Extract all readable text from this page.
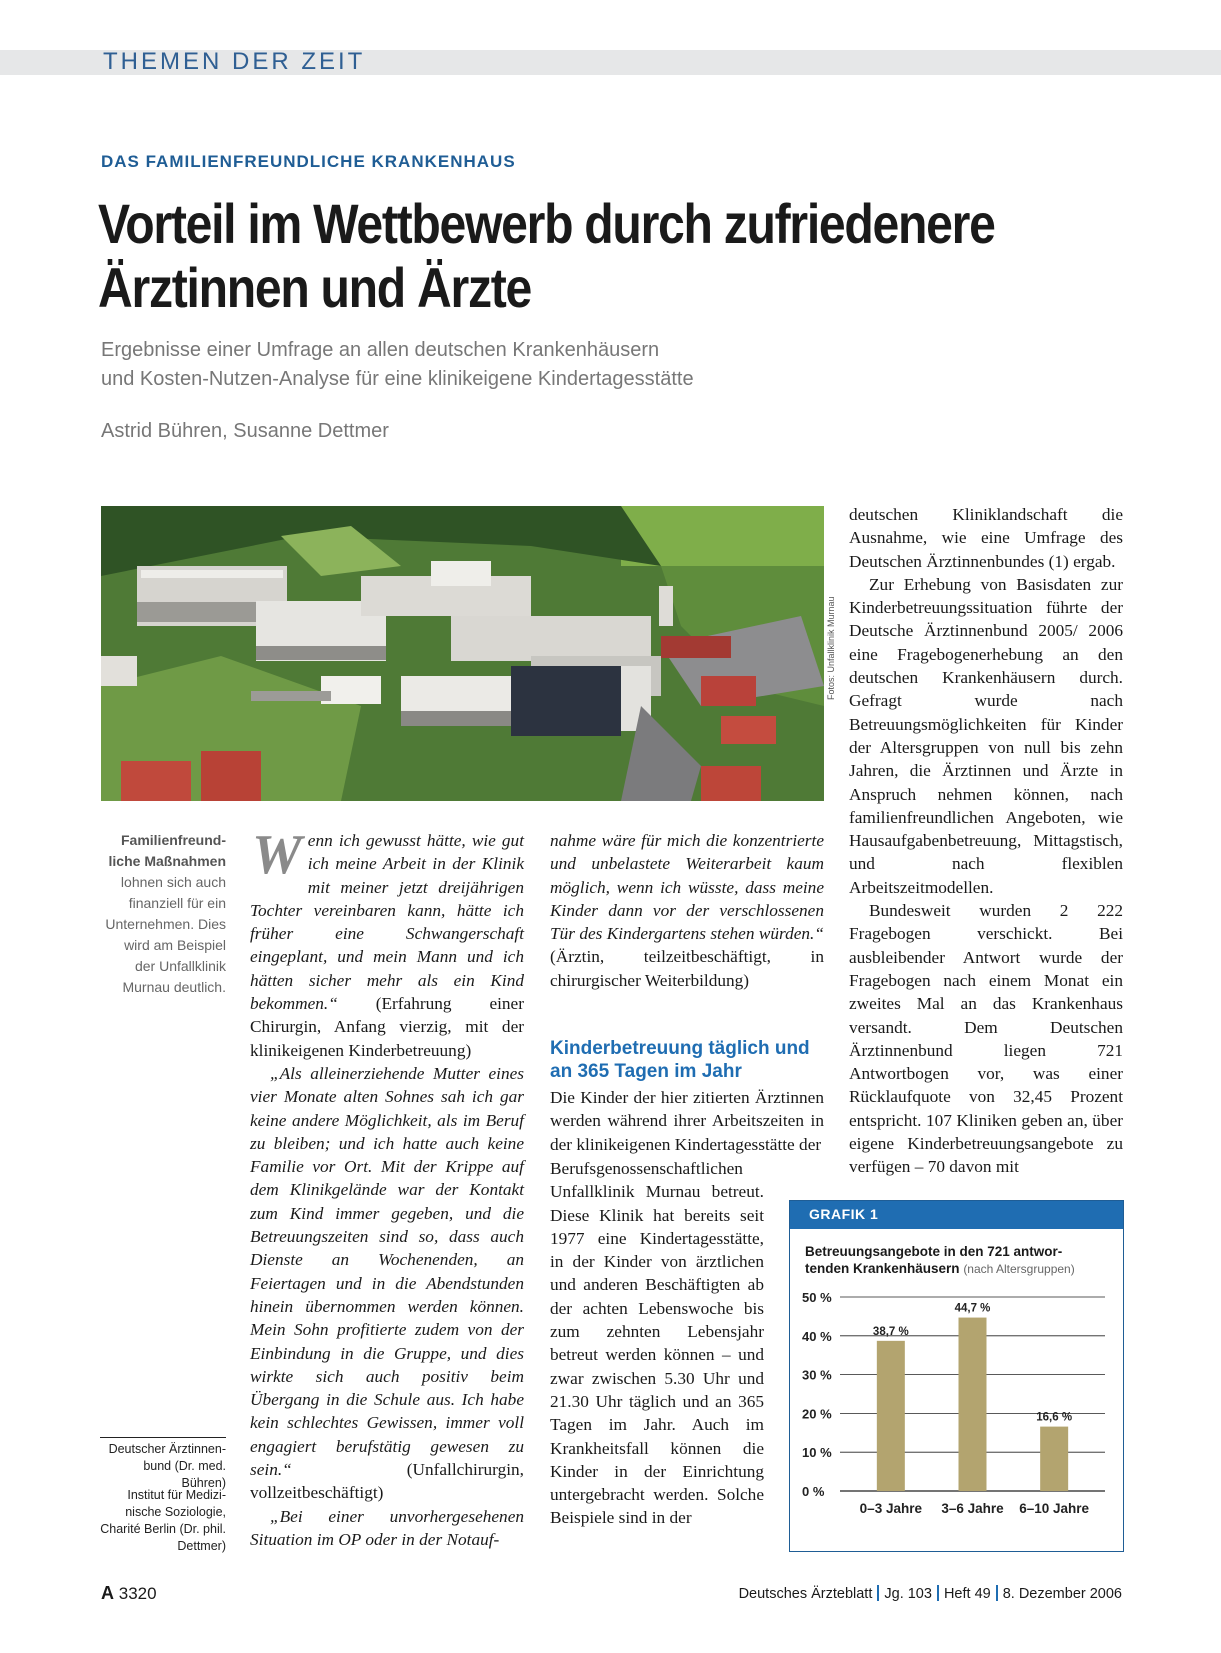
THEMEN DER ZEIT
DAS FAMILIENFREUNDLICHE KRANKENHAUS
Vorteil im Wettbewerb durch zufriedenere
Ärztinnen und Ärzte
Ergebnisse einer Umfrage an allen deutschen Krankenhäusern
und Kosten-Nutzen-Analyse für eine klinikeigene Kindertagesstätte
Astrid Bühren, Susanne Dettmer
Fotos: Unfallklinik Murnau
Familienfreund- liche Maßnahmen lohnen sich auch finanziell für ein Unternehmen. Dies wird am Beispiel der Unfallklinik Murnau deutlich.
Deutscher Ärztinnen- bund (Dr. med. Bühren)
Institut für Medizi- nische Soziologie, Charité Berlin (Dr. phil. Dettmer)

Wenn ich gewusst hätte, wie gut ich meine Arbeit in der Klinik mit meiner jetzt dreijährigen Tochter vereinbaren kann, hätte ich früher eine Schwangerschaft eingeplant, und mein Mann und ich hätten sicher mehr als ein Kind bekommen.“ (Erfahrung einer Chirurgin, Anfang vierzig, mit der klinikeigenen Kinderbetreuung)

„Als alleinerziehende Mutter eines vier Monate alten Sohnes sah ich gar keine andere Möglichkeit, als im Beruf zu bleiben; und ich hatte auch keine Familie vor Ort. Mit der Krippe auf dem Klinikgelände war der Kontakt zum Kind immer gegeben, und die Betreuungszeiten sind so, dass auch Dienste an Wochenenden, an Feiertagen und in die Abendstunden hinein übernommen werden können. Mein Sohn profitierte zudem von der Einbindung in die Gruppe, und dies wirkte sich auch positiv beim Übergang in die Schule aus. Ich habe kein schlechtes Gewissen, immer voll engagiert berufstätig gewesen zu sein.“ (Unfallchirurgin, vollzeitbeschäftigt)

„Bei einer unvorhergesehenen Situation im OP oder in der Notauf-

nahme wäre für mich die konzentrierte und unbelastete Weiterarbeit kaum möglich, wenn ich wüsste, dass meine Kinder dann vor der verschlossenen Tür des Kindergartens stehen würden.“ (Ärztin, teilzeitbeschäftigt, in chirurgischer Weiterbildung)

Kinderbetreuung täglich und an 365 Tagen im Jahr

Die Kinder der hier zitierten Ärztinnen werden während ihrer Arbeitszeiten in der klinikeigenen Kindertagesstätte der

Berufsgenossenschaftlichen Unfallklinik Murnau betreut. Diese Klinik hat bereits seit 1977 eine Kindertagesstätte, in der Kinder von ärztlichen und anderen Beschäftigten ab der achten Lebenswoche bis zum zehnten Lebensjahr betreut werden können – und zwar zwischen 5.30 Uhr und 21.30 Uhr täglich und an 365 Tagen im Jahr. Auch im Krankheitsfall können die Kinder in der Einrichtung untergebracht werden. Solche Beispiele sind in der

deutschen Kliniklandschaft die Ausnahme, wie eine Umfrage des Deutschen Ärztinnenbundes (1) ergab.

Zur Erhebung von Basisdaten zur Kinderbetreuungssituation führte der Deutsche Ärztinnenbund 2005/ 2006 eine Fragebogenerhebung an den deutschen Krankenhäusern durch. Gefragt wurde nach Betreuungsmöglichkeiten für Kinder der Altersgruppen von null bis zehn Jahren, die Ärztinnen und Ärzte in Anspruch nehmen können, nach familienfreundlichen Angeboten, wie Hausaufgabenbetreuung, Mittagstisch, und nach flexiblen Arbeitszeitmodellen.

Bundesweit wurden 2 222 Fragebogen verschickt. Bei ausbleibender Antwort wurde der Fragebogen nach einem Monat ein zweites Mal an das Krankenhaus versandt. Dem Deutschen Ärztinnenbund liegen 721 Antwortbogen vor, was einer Rücklaufquote von 32,45 Prozent entspricht. 107 Kliniken geben an, über eigene Kinderbetreuungsangebote zu verfügen – 70 davon mit

GRAFIK 1
Betreuungsangebote in den 721 antwor-
tenden Krankenhäusern (nach Altersgruppen)
0 %
10 %
20 %
30 %
40 %
50 %
38,7 %
0–3 Jahre
44,7 %
3–6 Jahre
16,6 %
6–10 Jahre
A 3320	Deutsches Ärzteblatt Jg. 103 Heft 49 8. Dezember 2006
